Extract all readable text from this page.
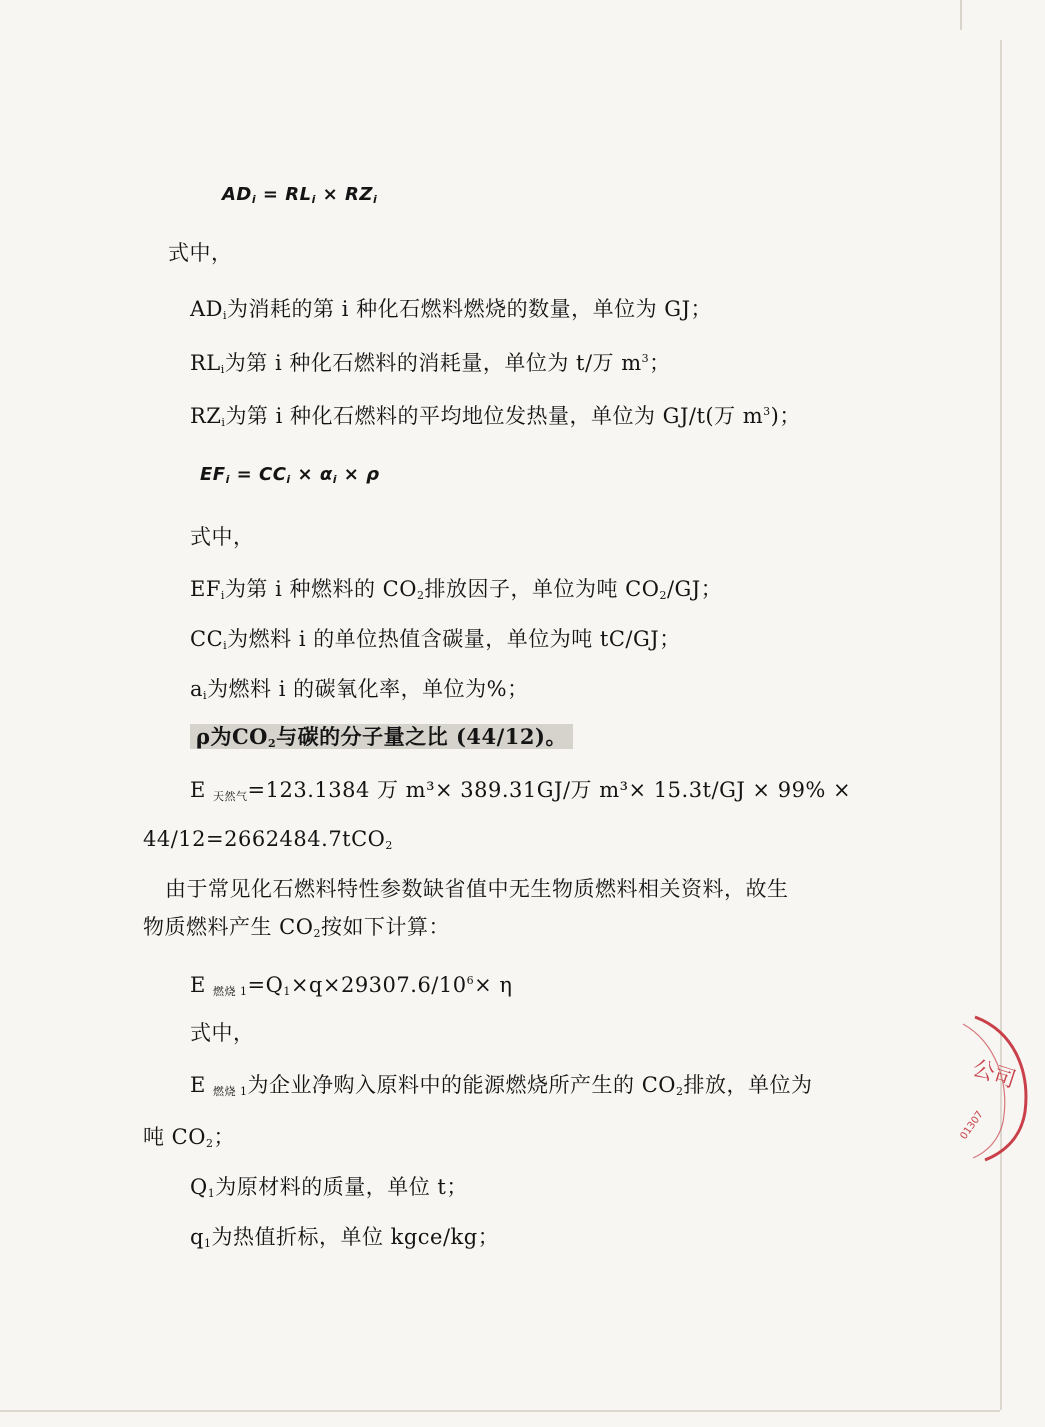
$AD_i = RL_i \times RZ_i$
式中，
$AD_i$为消耗的第 i 种化石燃料燃烧的数量，单位为 GJ；
$RL_i$为第 i 种化石燃料的消耗量，单位为 t/万 $m^3$；
$RZ_i$为第 i 种化石燃料的平均地位发热量，单位为 GJ/t(万 $m^3$)；
$EF_i = CC_i \times \alpha_i \times \rho$
式中，
$EF_i$为第 i 种燃料的 $CO_2$排放因子，单位为吨 $CO_2/GJ$；
$CC_i$为燃料 i 的单位热值含碳量，单位为吨 tC/GJ；
$a_i$为燃料 i 的碳氧化率，单位为%；
ρ为$CO_2$与碳的分子量之比 (44/12)。
E $_{天然气}$=123.1384 万 m³× 389.31GJ/万 m³× 15.3t/GJ × 99% ×
44/12=2662484.7tCO$_2$
由于常见化石燃料特性参数缺省值中无生物质燃料相关资料，故生
物质燃料产生 $CO_2$按如下计算：
E $_{燃烧 1}=Q_1\times q\times 29307.6/10^6\times \eta$
式中，
E $_{燃烧 1}$为企业净购入原料中的能源燃烧所产生的 $CO_2$排放，单位为
吨 $CO_2$；
$Q_1$为原材料的质量，单位 t；
$q_1$为热值折标，单位 kgce/kg；
公司
01307
